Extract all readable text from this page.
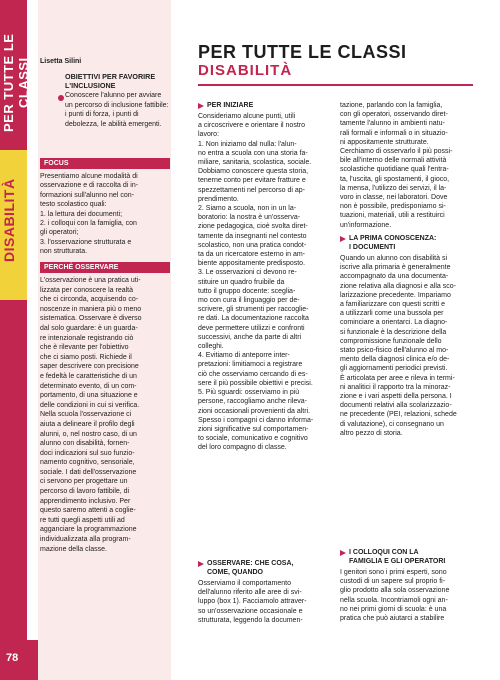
PER TUTTE LE CLASSI
DISABILITÀ
78
Lisetta Silini
OBIETTIVI PER FAVORIRE L'INCLUSIONE
Conoscere l'alunno per avviare un percorso di inclusione fattibile: i punti di forza, i punti di debolezza, le abilità emergenti.
FOCUS
Presentiamo alcune modalità di
osservazione e di raccolta di in-
formazioni sull'alunno nel con-
testo scolastico quali:
1. la lettura dei documenti;
2. i colloqui con la famiglia, con
gli operatori;
3. l'osservazione strutturata e
non strutturata.
PERCHÉ OSSERVARE
L'osservazione è una pratica uti-
lizzata per conoscere la realtà
che ci circonda, acquisendo co-
noscenze in maniera più o meno
sistematica. Osservare è diverso
dal solo guardare: è un guarda-
re intenzionale registrando ciò
che è rilevante per l'obiettivo
che ci siamo posti. Richiede il
saper descrivere con precisione
e fedeltà le caratteristiche di un
determinato evento, di un com-
portamento, di una situazione e
delle condizioni in cui si verifica.
Nella scuola l'osservazione ci
aiuta a delineare il profilo degli
alunni, o, nel nostro caso, di un
alunno con disabilità, fornen-
doci indicazioni sul suo funzio-
namento cognitivo, sensoriale,
sociale. I dati dell'osservazione
ci servono per progettare un
percorso di lavoro fattibile, di
apprendimento inclusivo. Per
questo saremo attenti a coglie-
re tutti quegli aspetti utili ad
agganciare la programmazione
individualizzata alla program-
mazione della classe.
PER TUTTE LE CLASSI
DISABILITÀ
PER INIZIARE
Consideriamo alcune punti, utili
a circoscrivere e orientare il nostro
lavoro:
1. Non iniziamo dal nulla: l'alun-
no entra a scuola con una storia fa-
miliare, sanitaria, scolastica, sociale.
Dobbiamo conoscere questa storia,
tenerne conto per evitare fratture e
spezzettamenti nel percorso di ap-
prendimento.
2. Siamo a scuola, non in un la-
boratorio: la nostra è un'osserva-
zione pedagogica, cioè svolta diret-
tamente da insegnanti nel contesto
scolastico, non una pratica condot-
ta da un ricercatore esterno in am-
biente appositamente predisposto.
3. Le osservazioni ci devono re-
stituire un quadro fruibile da
tutto il gruppo docente: sceglia-
mo con cura il linguaggio per de-
scrivere, gli strumenti per raccoglie-
re dati. La documentazione raccolta
deve permettere utilizzi e confronti
successivi, anche da parte di altri
colleghi.
4. Evitiamo di anteporre inter-
pretazioni: limitiamoci a registrare
ciò che osserviamo cercando di es-
sere il più possibile obiettivi e precisi.
5. Più sguardi: osserviamo in più
persone, raccogliamo anche rileva-
zioni occasionali provenienti da altri.
Spesso i compagni ci danno informa-
zioni significative sul comportamen-
to sociale, comunicativo e cognitivo
del loro compagno di classe.
OSSERVARE: CHE COSA,
COME, QUANDO
Osserviamo il comportamento
dell'alunno riferito alle aree di svi-
luppo (box 1). Facciamolo attraver-
so un'osservazione occasionale e
strutturata, leggendo la documen-
tazione, parlando con la famiglia,
con gli operatori, osservando diret-
tamente l'alunno in ambienti natu-
rali formali e informali o in situazio-
ni appositamente strutturate.
Cerchiamo di osservarlo il più possi-
bile all'interno delle normali attività
scolastiche quotidiane quali l'entra-
ta, l'uscita, gli spostamenti, il gioco,
la mensa, l'utilizzo dei servizi, il la-
voro in classe, nei laboratori. Dove
non è possibile, predisponiamo si-
tuazioni, materiali, utili a restituirci
un'informazione.
LA PRIMA CONOSCENZA:
I DOCUMENTI
Quando un alunno con disabilità si
iscrive alla primaria è generalmente
accompagnato da una documenta-
zione relativa alla diagnosi e alla sco-
larizzazione precedente. Impariamo
a familiarizzare con questi scritti e
a utilizzarli come una bussola per
cominciare a orientarci. La diagno-
si funzionale è la descrizione della
compromissione funzionale dello
stato psico-fisico dell'alunno al mo-
mento della diagnosi clinica e/o de-
gli aggiornamenti periodici previsti.
È articolata per aree e rileva in termi-
ni analitici il rapporto tra la minoraz-
zione e i vari aspetti della persona. I
documenti relativi alla scolarizzazio-
ne precedente (PEI, relazioni, schede
di valutazione), ci consegnano un
altro pezzo di storia.
I COLLOQUI CON LA
FAMIGLIA E GLI OPERATORI
I genitori sono i primi esperti, sono
custodi di un sapere sul proprio fi-
glio prodotto alla sola osservazione
nella scuola. Incontriamoli ogni an-
no nei primi giorni di scuola: è una
pratica che può aiutarci a stabilire
